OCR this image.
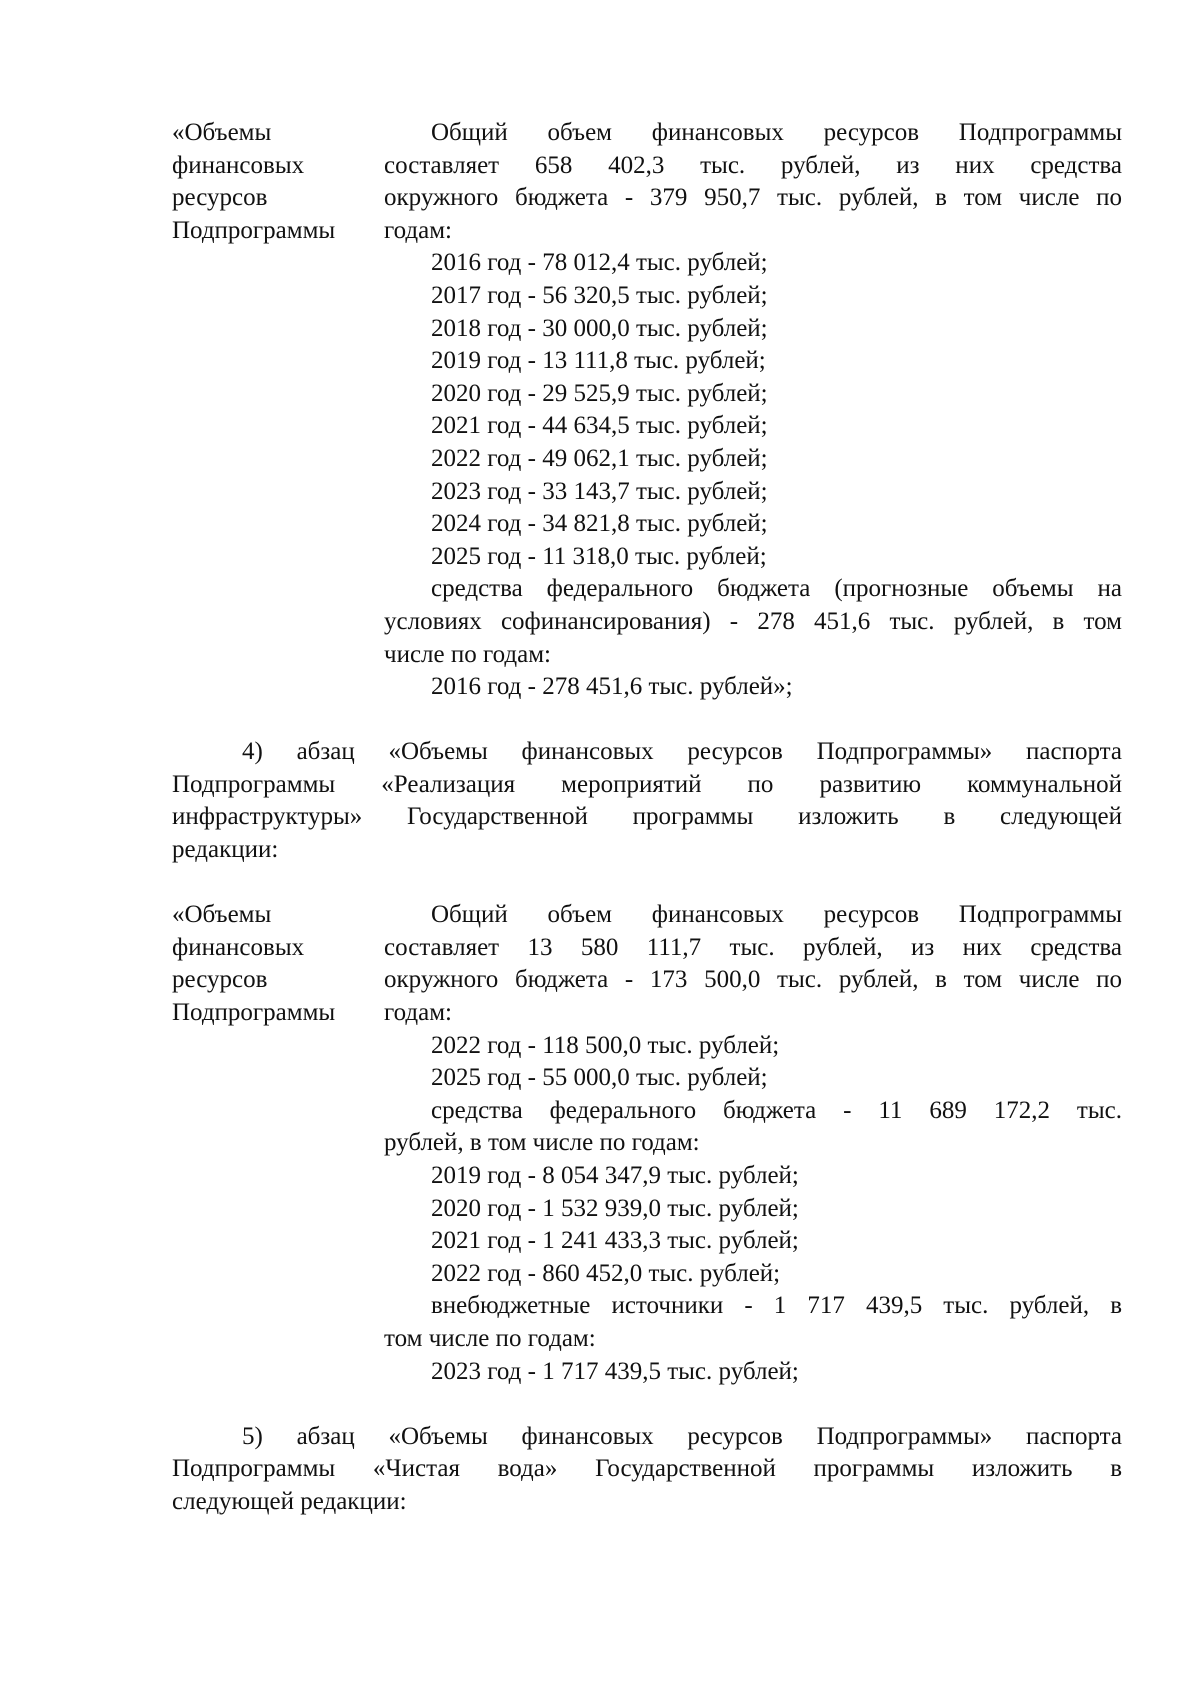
«Объемы
финансовых
ресурсов
Подпрограммы
Общий объем финансовых ресурсов Подпрограммы
составляет 658 402,3 тыс. рублей, из них средства
окружного бюджета - 379 950,7 тыс. рублей, в том числе по
годам:
2016 год - 78 012,4 тыс. рублей;
2017 год - 56 320,5 тыс. рублей;
2018 год - 30 000,0 тыс. рублей;
2019 год - 13 111,8 тыс. рублей;
2020 год - 29 525,9 тыс. рублей;
2021 год - 44 634,5 тыс. рублей;
2022 год - 49 062,1 тыс. рублей;
2023 год - 33 143,7 тыс. рублей;
2024 год - 34 821,8 тыс. рублей;
2025 год - 11 318,0 тыс. рублей;
средства федерального бюджета (прогнозные объемы на
условиях софинансирования) - 278 451,6 тыс. рублей, в том
числе по годам:
2016 год - 278 451,6 тыс. рублей»;
4) абзац «Объемы финансовых ресурсов Подпрограммы» паспорта
Подпрограммы «Реализация мероприятий по развитию коммунальной
инфраструктуры» Государственной программы изложить в следующей
редакции:
«Объемы
финансовых
ресурсов
Подпрограммы
Общий объем финансовых ресурсов Подпрограммы
составляет 13 580 111,7 тыс. рублей, из них средства
окружного бюджета - 173 500,0 тыс. рублей, в том числе по
годам:
2022 год - 118 500,0 тыс. рублей;
2025 год - 55 000,0 тыс. рублей;
средства федерального бюджета - 11 689 172,2 тыс.
рублей, в том числе по годам:
2019 год - 8 054 347,9 тыс. рублей;
2020 год - 1 532 939,0 тыс. рублей;
2021 год - 1 241 433,3 тыс. рублей;
2022 год - 860 452,0 тыс. рублей;
внебюджетные источники - 1 717 439,5 тыс. рублей, в
том числе по годам:
2023 год - 1 717 439,5 тыс. рублей;
5) абзац «Объемы финансовых ресурсов Подпрограммы» паспорта
Подпрограммы «Чистая вода» Государственной программы изложить в
следующей редакции:
